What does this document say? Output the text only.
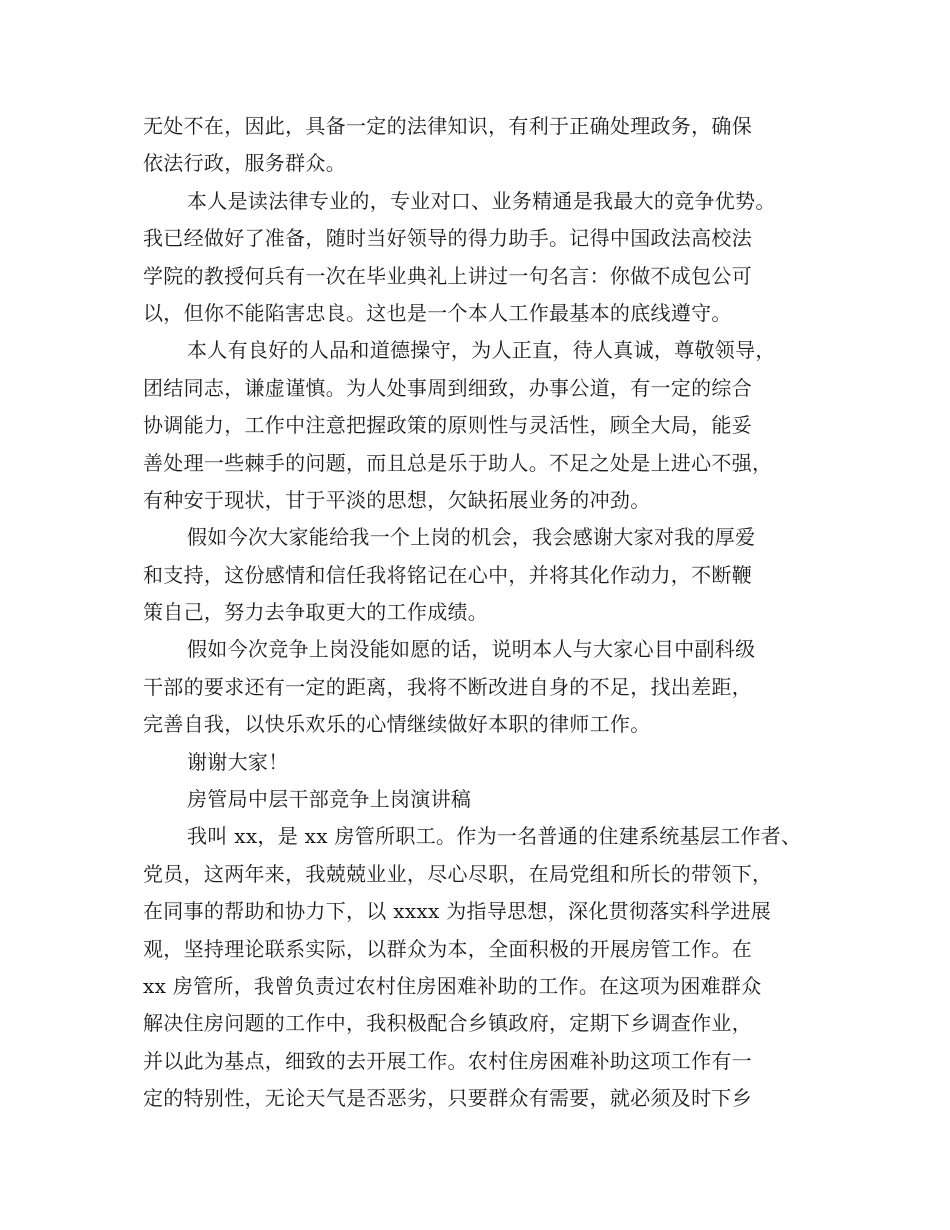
无处不在，因此，具备一定的法律知识，有利于正确处理政务，确保
依法行政，服务群众。
本人是读法律专业的，专业对口、业务精通是我最大的竞争优势。
我已经做好了准备，随时当好领导的得力助手。记得中国政法高校法
学院的教授何兵有一次在毕业典礼上讲过一句名言：你做不成包公可
以，但你不能陷害忠良。这也是一个本人工作最基本的底线遵守。
本人有良好的人品和道德操守，为人正直，待人真诚，尊敬领导，
团结同志，谦虚谨慎。为人处事周到细致，办事公道，有一定的综合
协调能力，工作中注意把握政策的原则性与灵活性，顾全大局，能妥
善处理一些棘手的问题，而且总是乐于助人。不足之处是上进心不强，
有种安于现状，甘于平淡的思想，欠缺拓展业务的冲劲。
假如今次大家能给我一个上岗的机会，我会感谢大家对我的厚爱
和支持，这份感情和信任我将铭记在心中，并将其化作动力，不断鞭
策自己，努力去争取更大的工作成绩。
假如今次竞争上岗没能如愿的话，说明本人与大家心目中副科级
干部的要求还有一定的距离，我将不断改进自身的不足，找出差距，
完善自我，以快乐欢乐的心情继续做好本职的律师工作。
谢谢大家！
房管局中层干部竞争上岗演讲稿
我叫 xx，是 xx 房管所职工。作为一名普通的住建系统基层工作者、
党员，这两年来，我兢兢业业，尽心尽职，在局党组和所长的带领下，
在同事的帮助和协力下，以 xxxx 为指导思想，深化贯彻落实科学进展
观，坚持理论联系实际，以群众为本，全面积极的开展房管工作。在
xx 房管所，我曾负责过农村住房困难补助的工作。在这项为困难群众
解决住房问题的工作中，我积极配合乡镇政府，定期下乡调查作业，
并以此为基点，细致的去开展工作。农村住房困难补助这项工作有一
定的特别性，无论天气是否恶劣，只要群众有需要，就必须及时下乡
